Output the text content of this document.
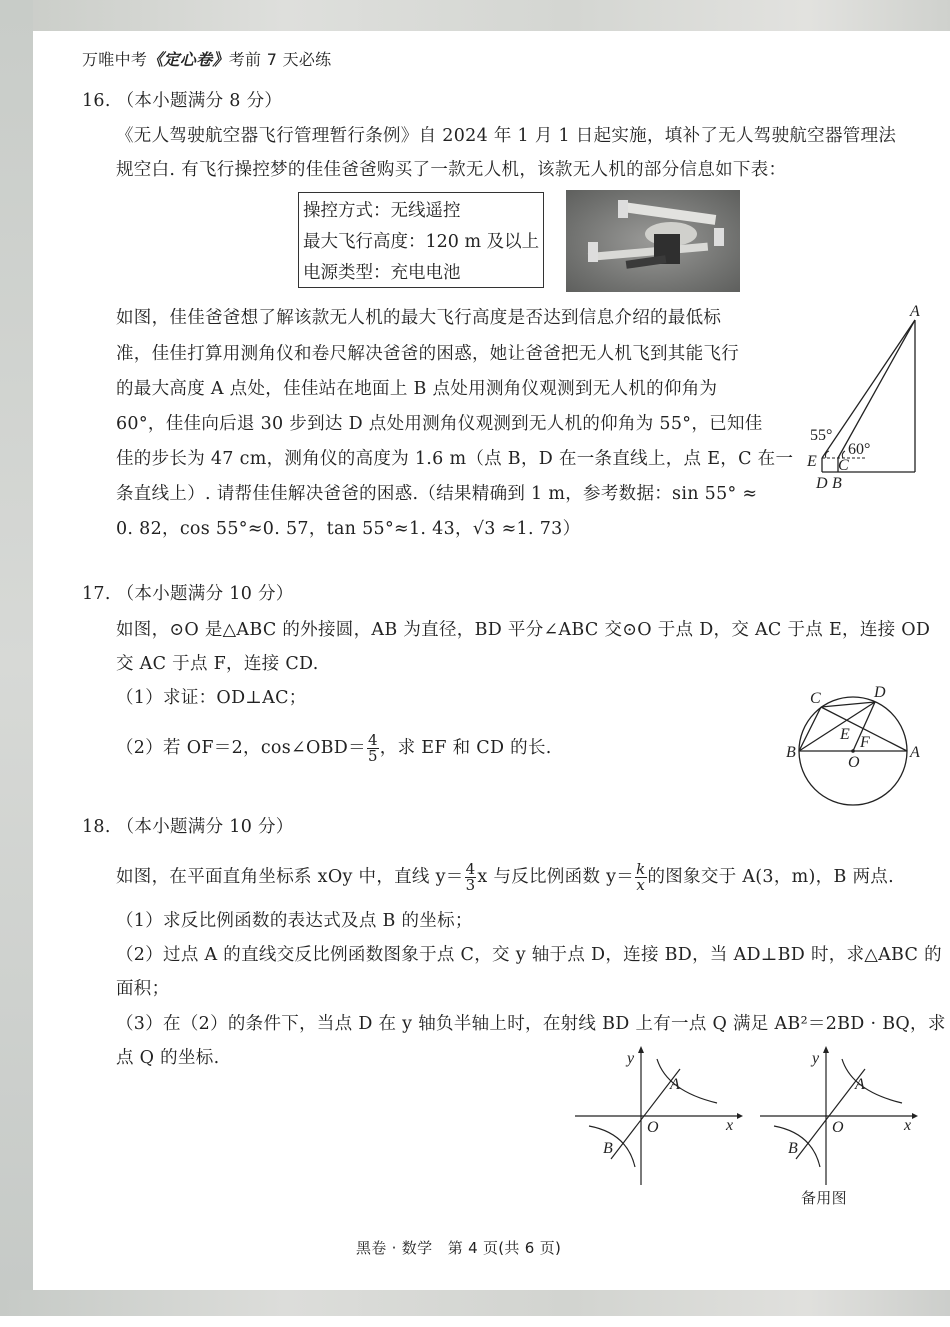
万唯中考《定心卷》考前 7 天必练
16. （本小题满分 8 分）
《无人驾驶航空器飞行管理暂行条例》自 2024 年 1 月 1 日起实施，填补了无人驾驶航空器管理法
规空白. 有飞行操控梦的佳佳爸爸购买了一款无人机，该款无人机的部分信息如下表：
操控方式：无线遥控
最大飞行高度：120 m 及以上
电源类型：充电电池
如图，佳佳爸爸想了解该款无人机的最大飞行高度是否达到信息介绍的最低标
准，佳佳打算用测角仪和卷尺解决爸爸的困惑，她让爸爸把无人机飞到其能飞行
的最大高度 A 点处，佳佳站在地面上 B 点处用测角仪观测到无人机的仰角为
60°，佳佳向后退 30 步到达 D 点处用测角仪观测到无人机的仰角为 55°，已知佳
佳的步长为 47 cm，测角仪的高度为 1.6 m（点 B，D 在一条直线上，点 E，C 在一
条直线上）. 请帮佳佳解决爸爸的困惑.（结果精确到 1 m，参考数据：sin 55° ≈
0. 82，cos 55°≈0. 57，tan 55°≈1. 43，√3 ≈1. 73）
A
E C
D B
55°
60°
17. （本小题满分 10 分）
如图，⊙O 是△ABC 的外接圆，AB 为直径，BD 平分∠ABC 交⊙O 于点 D，交 AC 于点 E，连接 OD
交 AC 于点 F，连接 CD.
（1）求证：OD⊥AC；
（2）若 OF＝2，cos∠OBD＝ $\frac{4}{5}$ ，求 EF 和 CD 的长.
C	D
E F
B
O
A
18. （本小题满分 10 分）
如图，在平面直角坐标系 xOy 中，直线 $y= \frac{4}{3}$ x 与反比例函数 $y= \frac{k}{x}$ 的图象交于 A(3，m)，B 两点.
（1）求反比例函数的表达式及点 B 的坐标；
（2）过点 A 的直线交反比例函数图象于点 C，交 y 轴于点 D，连接 BD，当 AD⊥BD 时，求△ABC 的
面积；
（3）在（2）的条件下，当点 D 在 y 轴负半轴上时，在射线 BD 上有一点 Q 满足 AB²＝2BD · BQ，求
点 Q 的坐标.	y
x
O
A
B
y
x
O
A
B
备用图
黑卷 · 数学　第 4 页(共 6 页)
